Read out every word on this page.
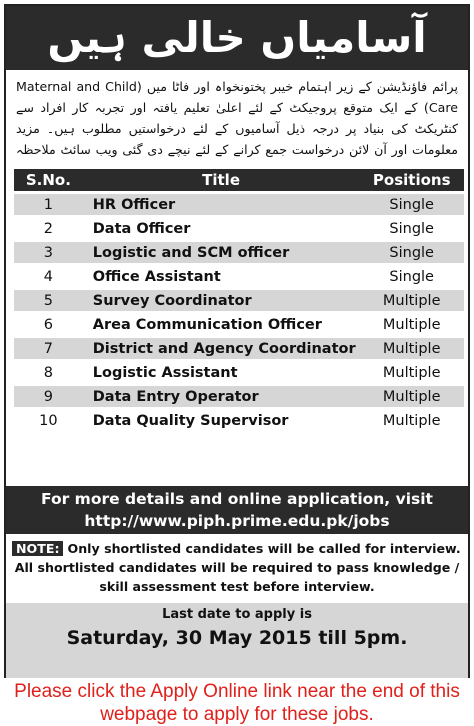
آسامیاں خالی ہیں
پرائم فاؤنڈیشن کے زیر اہتمام خیبر پختونخواہ اور فاٹا میں (Maternal and Child Care) کے ایک متوقع پروجیکٹ کے لئے اعلیٰ تعلیم یافتہ اور تجربہ کار افراد سے کنٹریکٹ کی بنیاد پر درجہ ذیل آسامیوں کے لئے درخواستیں مطلوب ہیں۔ مزید معلومات اور آن لائن درخواست جمع کرانے کے لئے نیچے دی گئی ویب سائٹ ملاحظہ
S.No.	Title	Positions
1	HR Officer	Single
2	Data Officer	Single
3	Logistic and SCM officer	Single
4	Office Assistant	Single
5	Survey Coordinator	Multiple
6	Area Communication Officer	Multiple
7	District and Agency Coordinator	Multiple
8	Logistic Assistant	Multiple
9	Data Entry Operator	Multiple
10	Data Quality Supervisor	Multiple
For more details and online application, visit
http://www.piph.prime.edu.pk/jobs
NOTE: Only shortlisted candidates will be called for interview.
All shortlisted candidates will be required to pass knowledge / skill assessment test before interview.
Last date to apply is
Saturday, 30 May 2015 till 5pm.
Please click the Apply Online link near the end of this webpage to apply for these jobs.
